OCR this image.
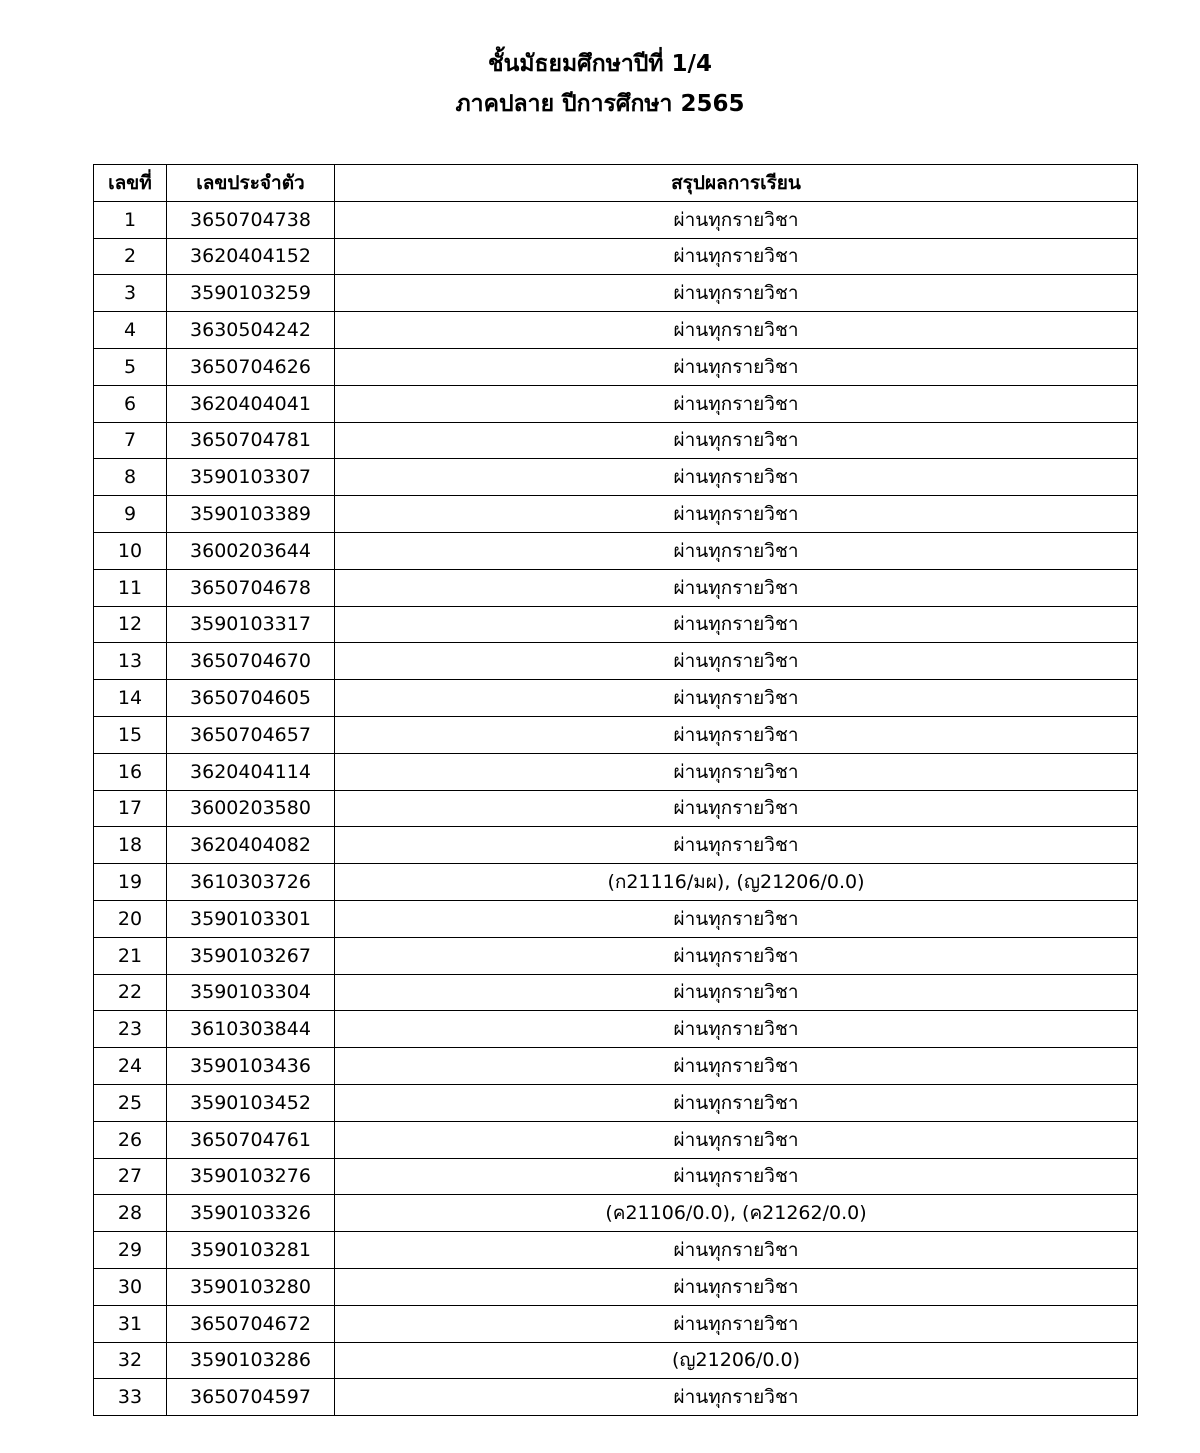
ชั้นมัธยมศึกษาปีที่ 1/4
ภาคปลาย ปีการศึกษา 2565
เลขที่	เลขประจำตัว	สรุปผลการเรียน
1	3650704738	ผ่านทุกรายวิชา
2	3620404152	ผ่านทุกรายวิชา
3	3590103259	ผ่านทุกรายวิชา
4	3630504242	ผ่านทุกรายวิชา
5	3650704626	ผ่านทุกรายวิชา
6	3620404041	ผ่านทุกรายวิชา
7	3650704781	ผ่านทุกรายวิชา
8	3590103307	ผ่านทุกรายวิชา
9	3590103389	ผ่านทุกรายวิชา
10	3600203644	ผ่านทุกรายวิชา
11	3650704678	ผ่านทุกรายวิชา
12	3590103317	ผ่านทุกรายวิชา
13	3650704670	ผ่านทุกรายวิชา
14	3650704605	ผ่านทุกรายวิชา
15	3650704657	ผ่านทุกรายวิชา
16	3620404114	ผ่านทุกรายวิชา
17	3600203580	ผ่านทุกรายวิชา
18	3620404082	ผ่านทุกรายวิชา
19	3610303726	(ก21116/มผ), (ญ21206/0.0)
20	3590103301	ผ่านทุกรายวิชา
21	3590103267	ผ่านทุกรายวิชา
22	3590103304	ผ่านทุกรายวิชา
23	3610303844	ผ่านทุกรายวิชา
24	3590103436	ผ่านทุกรายวิชา
25	3590103452	ผ่านทุกรายวิชา
26	3650704761	ผ่านทุกรายวิชา
27	3590103276	ผ่านทุกรายวิชา
28	3590103326	(ค21106/0.0), (ค21262/0.0)
29	3590103281	ผ่านทุกรายวิชา
30	3590103280	ผ่านทุกรายวิชา
31	3650704672	ผ่านทุกรายวิชา
32	3590103286	(ญ21206/0.0)
33	3650704597	ผ่านทุกรายวิชา
